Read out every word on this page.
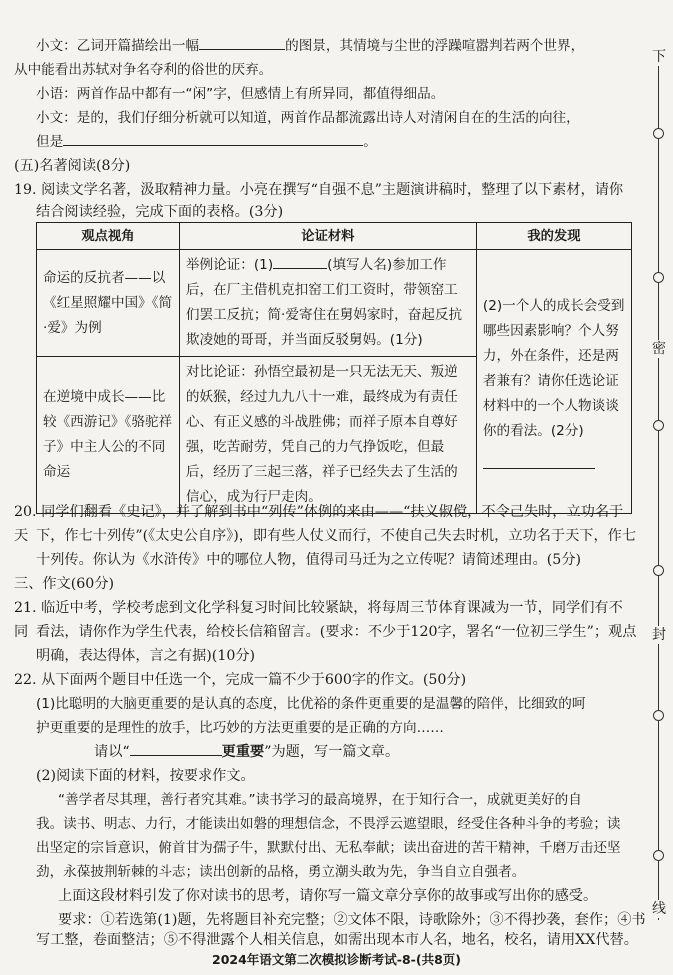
下
密
封
线

小文：乙词开篇描绘出一幅	的图景，其情境与尘世的浮躁喧嚣判若两个世界，

从中能看出苏轼对争名夺利的俗世的厌弃。

小语：两首作品中都有一“闲”字，但感情上有所异同，都值得细品。

小文：是的，我们仔细分析就可以知道，两首作品都流露出诗人对清闲自在的生活的向往，

但是	。

(五)名著阅读(8分)

19. 阅读文学名著，汲取精神力量。小亮在撰写“自强不息”主题演讲稿时，整理了以下素材，请你

结合阅读经验，完成下面的表格。(3分)

观点视角	论证材料	我的发现
命运的反抗者——以《红星照耀中国》《简·爱》为例	举例论证：(1) (填写人名)参加工作后，在厂主借机克扣窑工们工资时，带领窑工们罢工反抗；简·爱寄住在舅妈家时，奋起反抗欺凌她的哥哥，并当面反驳舅妈。(1分)	(2)一个人的成长会受到哪些因素影响？个人努力，外在条件，还是两者兼有？请你任选论证材料中的一个人物谈谈你的看法。(2分)

在逆境中成长——比较《西游记》《骆驼祥子》中主人公的不同命运	对比论证：孙悟空最初是一只无法无天、叛逆的妖猴，经过九九八十一难，最终成为有责任心、有正义感的斗战胜佛；而祥子原本自尊好强，吃苦耐劳，凭自己的力气挣饭吃，但最后，经历了三起三落，祥子已经失去了生活的信心，成为行尸走肉。	

20. 同学们翻看《史记》，并了解到书中“列传”体例的来由——“扶义俶傥，不令己失时，立功名于天 下，作七十列传”(《太史公自序》)，即有些人仗义而行，不使自己失去时机，立功名于天下，作七

十列传。你认为《水浒传》中的哪位人物，值得司马迁为之立传呢？请简述理由。(5分)

三、作文(60分)

21. 临近中考，学校考虑到文化学科复习时间比较紧缺，将每周三节体育课减为一节，同学们有不同 看法，请你作为学生代表，给校长信箱留言。(要求：不少于120字，署名“一位初三学生”；观点

明确，表达得体，言之有据)(10分)

22. 从下面两个题目中任选一个，完成一篇不少于600字的作文。(50分)

(1)比聪明的大脑更重要的是认真的态度，比优裕的条件更重要的是温馨的陪伴，比细致的呵

护更重要的是理性的放手，比巧妙的方法更重要的是正确的方向……

请以“	更重要”为题，写一篇文章。

(2)阅读下面的材料，按要求作文。

“善学者尽其理，善行者究其难。”读书学习的最高境界，在于知行合一，成就更美好的自

我。读书、明志、力行，才能读出如磐的理想信念，不畏浮云遮望眼，经受住各种斗争的考验；读

出坚定的宗旨意识，俯首甘为孺子牛，默默付出、无私奉献；读出奋进的苦干精神，千磨万击还坚

劲，永葆披荆斩棘的斗志；读出创新的品格，勇立潮头敢为先，争当自立自强者。

上面这段材料引发了你对读书的思考，请你写一篇文章分享你的故事或写出你的感受。

要求：①若选第(1)题，先将题目补充完整；②文体不限，诗歌除外；③不得抄袭，套作；④书

写工整，卷面整洁；⑤不得泄露个人相关信息，如需出现本市人名，地名，校名，请用XX代替。

2024年语文第二次模拟诊断考试-8-(共8页)
